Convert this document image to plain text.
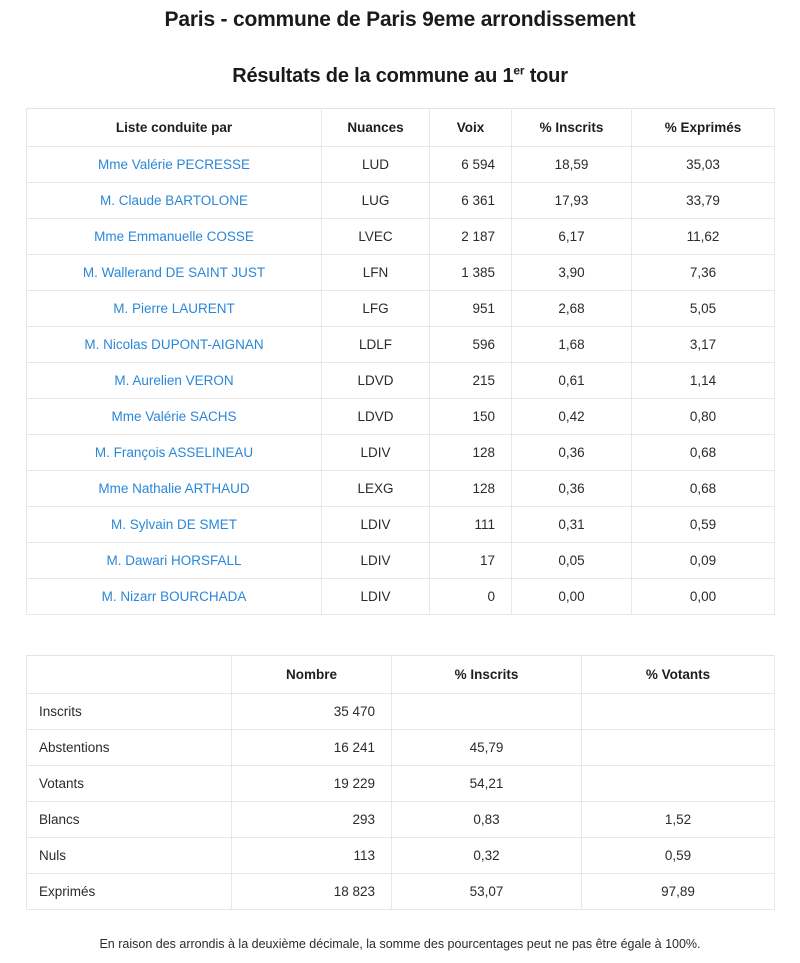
Paris - commune de Paris 9eme arrondissement
Résultats de la commune au 1er tour
Liste conduite par	Nuances	Voix	% Inscrits	% Exprimés
Mme Valérie PECRESSE	LUD	6 594	18,59	35,03
M. Claude BARTOLONE	LUG	6 361	17,93	33,79
Mme Emmanuelle COSSE	LVEC	2 187	6,17	11,62
M. Wallerand DE SAINT JUST	LFN	1 385	3,90	7,36
M. Pierre LAURENT	LFG	951	2,68	5,05
M. Nicolas DUPONT-AIGNAN	LDLF	596	1,68	3,17
M. Aurelien VERON	LDVD	215	0,61	1,14
Mme Valérie SACHS	LDVD	150	0,42	0,80
M. François ASSELINEAU	LDIV	128	0,36	0,68
Mme Nathalie ARTHAUD	LEXG	128	0,36	0,68
M. Sylvain DE SMET	LDIV	111	0,31	0,59
M. Dawari HORSFALL	LDIV	17	0,05	0,09
M. Nizarr BOURCHADA	LDIV	0	0,00	0,00
	Nombre	% Inscrits	% Votants
Inscrits	35 470		
Abstentions	16 241	45,79	
Votants	19 229	54,21	
Blancs	293	0,83	1,52
Nuls	113	0,32	0,59
Exprimés	18 823	53,07	97,89
En raison des arrondis à la deuxième décimale, la somme des pourcentages peut ne pas être égale à 100%.
